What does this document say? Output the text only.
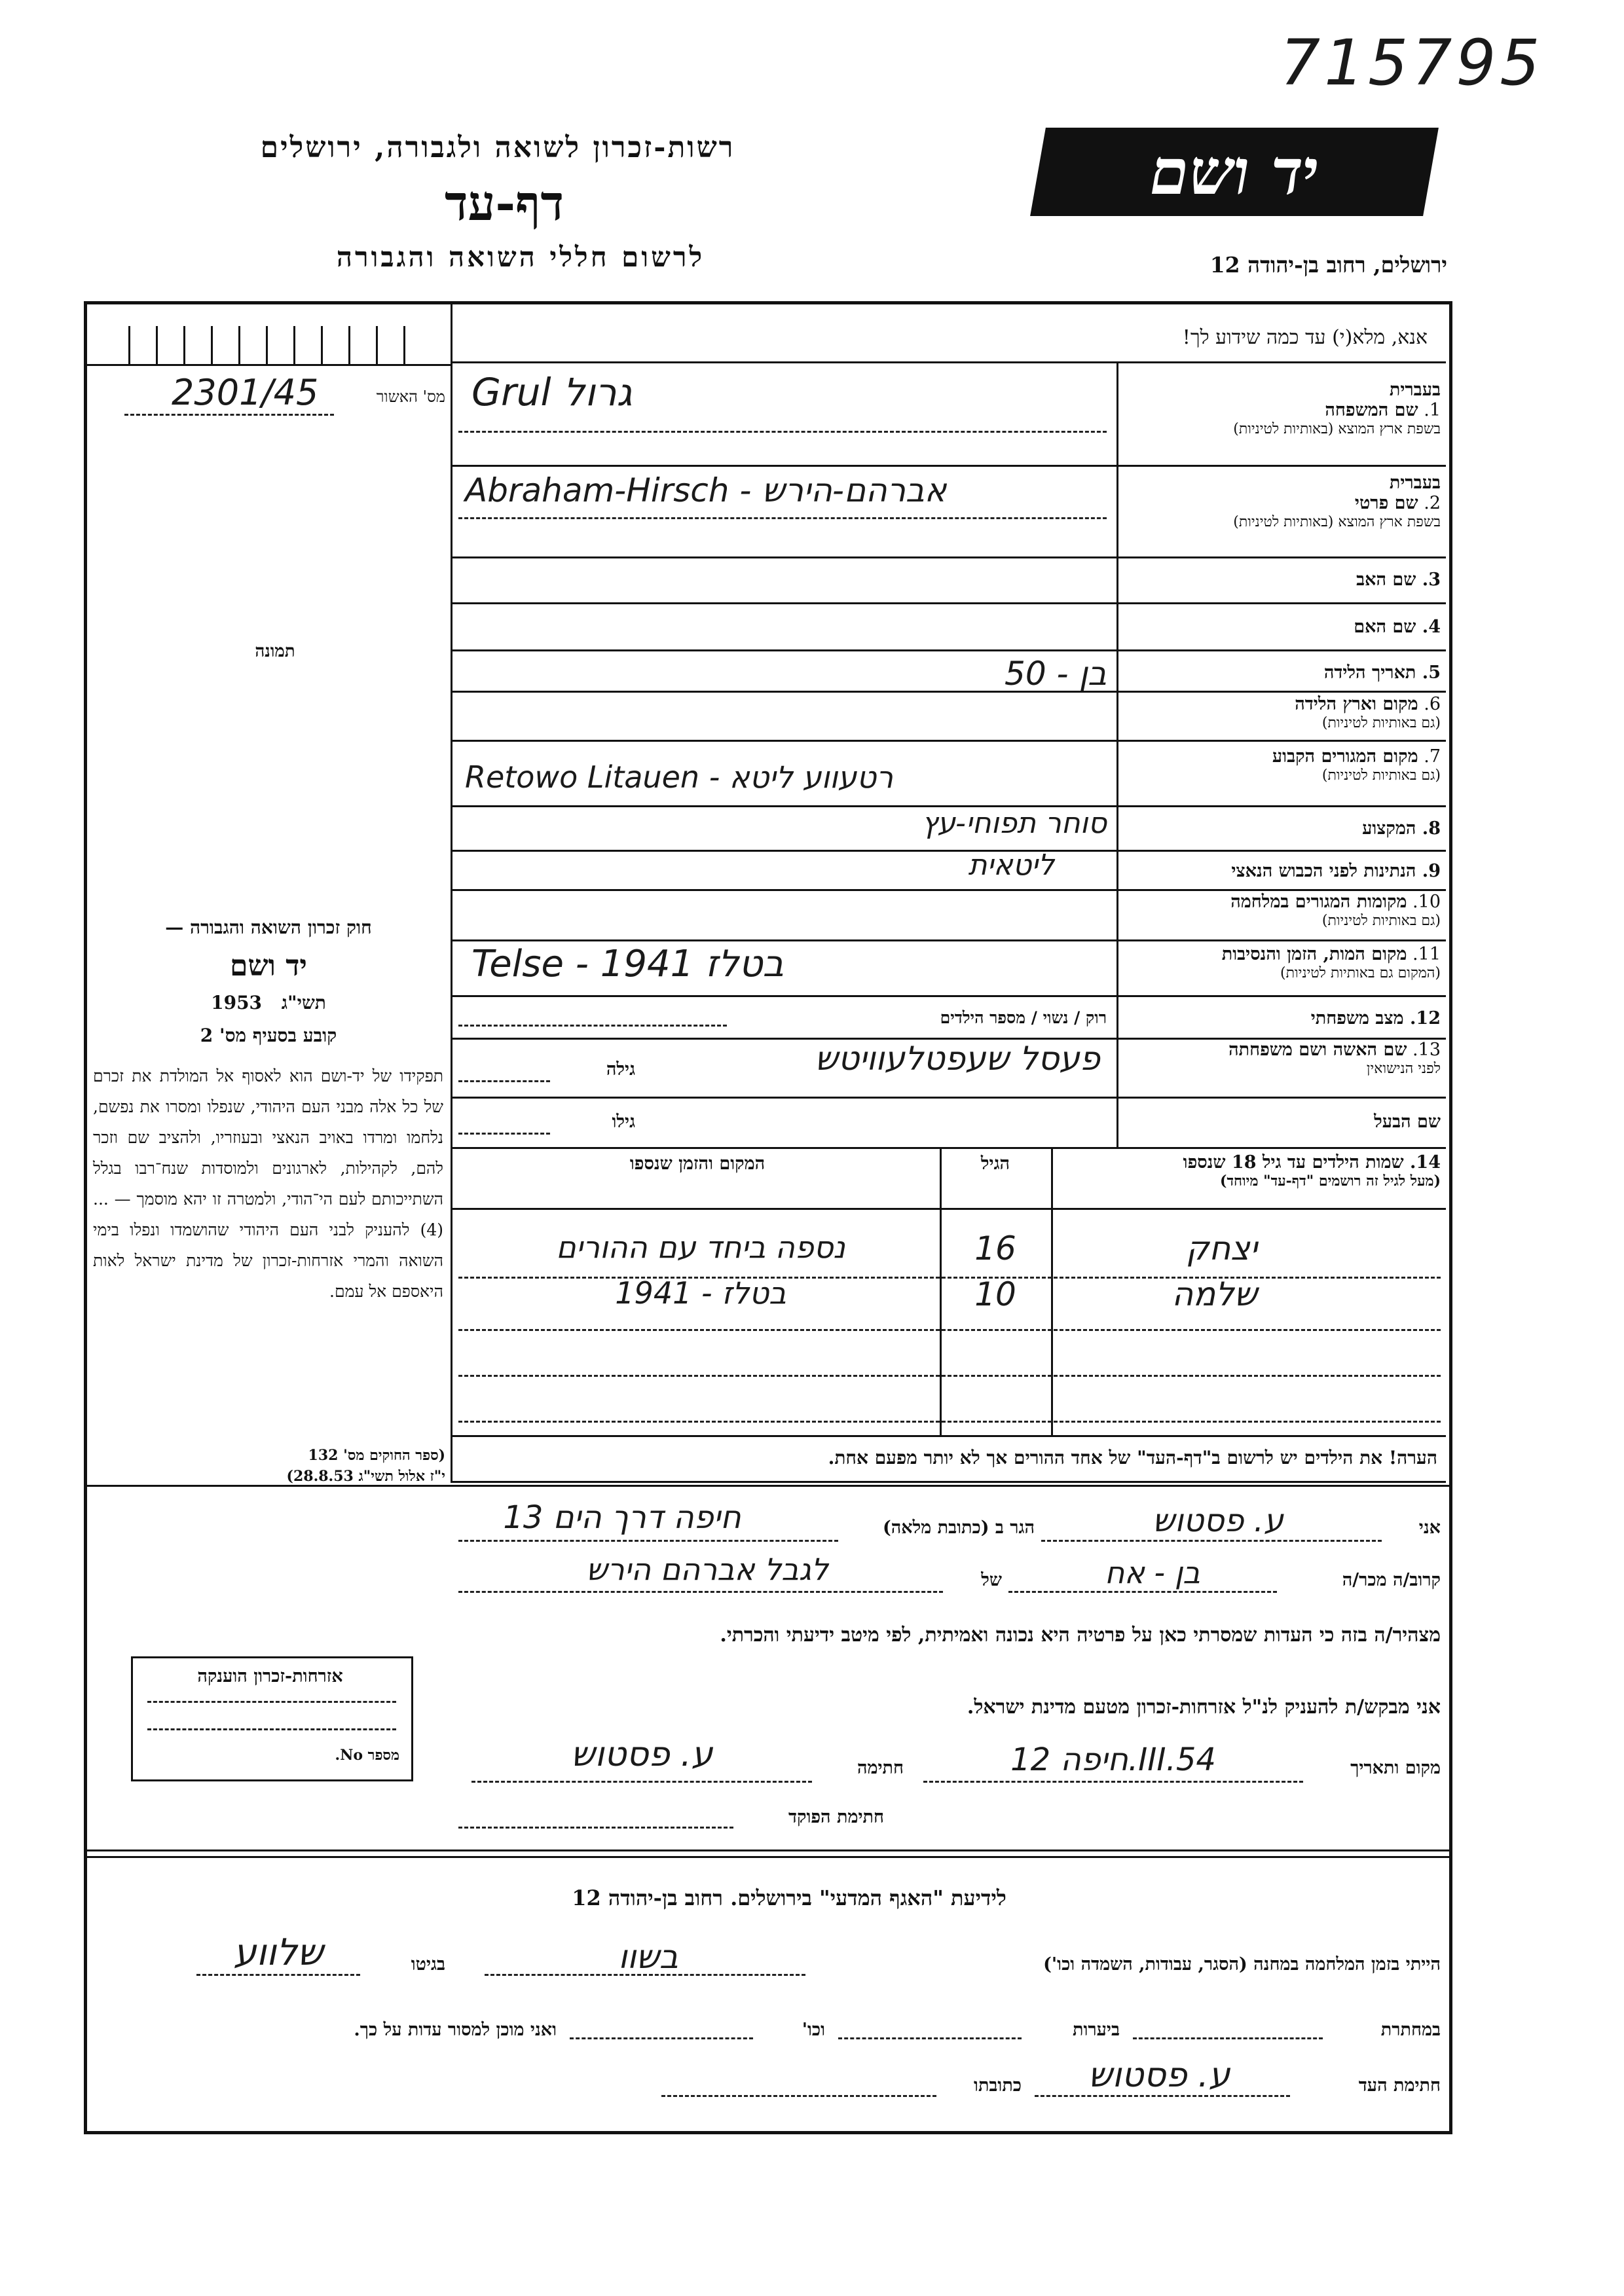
715795
רשות-זכרון לשואה ולגבורה, ירושלים
דף-עד
לרשום חללי השואה והגבורה
יד ושם
ירושלים, רחוב בן-יהודה 12
מס' האשור
2301/45
תמונה
אנא, מלא(י) עד כמה שידוע לך!
בעברית
1. שם המשפחה
בשפת ארץ המוצא (באותיות לטיניות)
Grul גרול
בעברית
2. שם פרטי
בשפת ארץ המוצא (באותיות לטיניות)
Abraham-Hirsch - אברהם-הירש
3. שם האב
4. שם האם
5. תאריך הלידה
בן - 50
6. מקום וארץ הלידה
(גם באותיות לטיניות)
7. מקום המגורים הקבוע
(גם באותיות לטיניות)
Retowo Litauen - רטעווע ליטא
8. המקצוע
סוחר תפוחי-עץ
9. הנתינות לפני הכבוש הנאצי
ליטאית
10. מקומות המגורים במלחמה
(גם באותיות לטיניות)
11. מקום המות, הזמן והנסיבות
(המקום גם באותיות לטיניות)
Telse - 1941 בטלז
12. מצב משפחתי
רוק / נשוי / מספר הילדים
13. שם האשה ושם משפחתה
לפני הנישואין
פעסל שעפטלעוויטש
גילה
שם הבעל
גילו
14. שמות הילדים עד גיל 18 שנספו
(מעל לגיל זה רושמים "דף-עד" מיוחד)
הגיל
המקום והזמן שנספו
יצחק
16
נספה ביחד עם ההורים
שלמה
10
בטלז - 1941
הערה! את הילדים יש לרשום ב"דף-העד" של אחד ההורים אך לא יותר מפעם אחת.
חוק זכרון השואה והגבורה —
יד ושם
1953 תשי"ג
קובע בסעיף מס' 2
תפקידו של יד-ושם הוא לאסוף אל המולדת את זכרם של כל אלה מבני העם היהודי, שנפלו ומסרו את נפשם, נלחמו ומרדו באויב הנאצי ובעוזריו, ולהציב שם וזכר להם, לקהילות, לארגונים ולמוסדות שנח־רבו בגלל השתייכותם לעם הי־הודי, ולמטרה זו יהא מוסמך — ...(4) להעניק לבני העם היהודי שהושמדו ונפלו בימי השואה והמרי אזרחות-זכרון של מדינת ישראל לאות היאספם אל עמם.
(ספר החוקים מס' 132
י"ז אלול תשי"ג 28.8.53)
אני
ע. פסטוש
הגר ב (כתובת מלאה)
חיפה דרך הים 13
קרוב/ה מכר/ה
בן - אח
של
לגבל אברהם הירש
מצהיר/ה בזה כי העדות שמסרתי כאן על פרטיה היא נכונה ואמיתית, לפי מיטב ידיעתי והכרתי.
אזרחות-זכרון הוענקה
מספר No.
אני מבקש/ת להעניק לנ"ל אזרחות-זכרון מטעם מדינת ישראל.
מקום ותאריך
חיפה 12.III.54
חתימה
ע. פסטוש
חתימת הפוקד
לידיעת "האגף המדעי" בירושלים. רחוב בן-יהודה 12
הייתי בזמן המלחמה במחנה (הסגר, עבודות, השמדה וכו')
בשוו
בגיטו
שלווע
במחתרת
ביערות
וכו'
ואני מוכן למסור עדות על כך.
חתימת העד
ע. פסטוש
כתובתו
